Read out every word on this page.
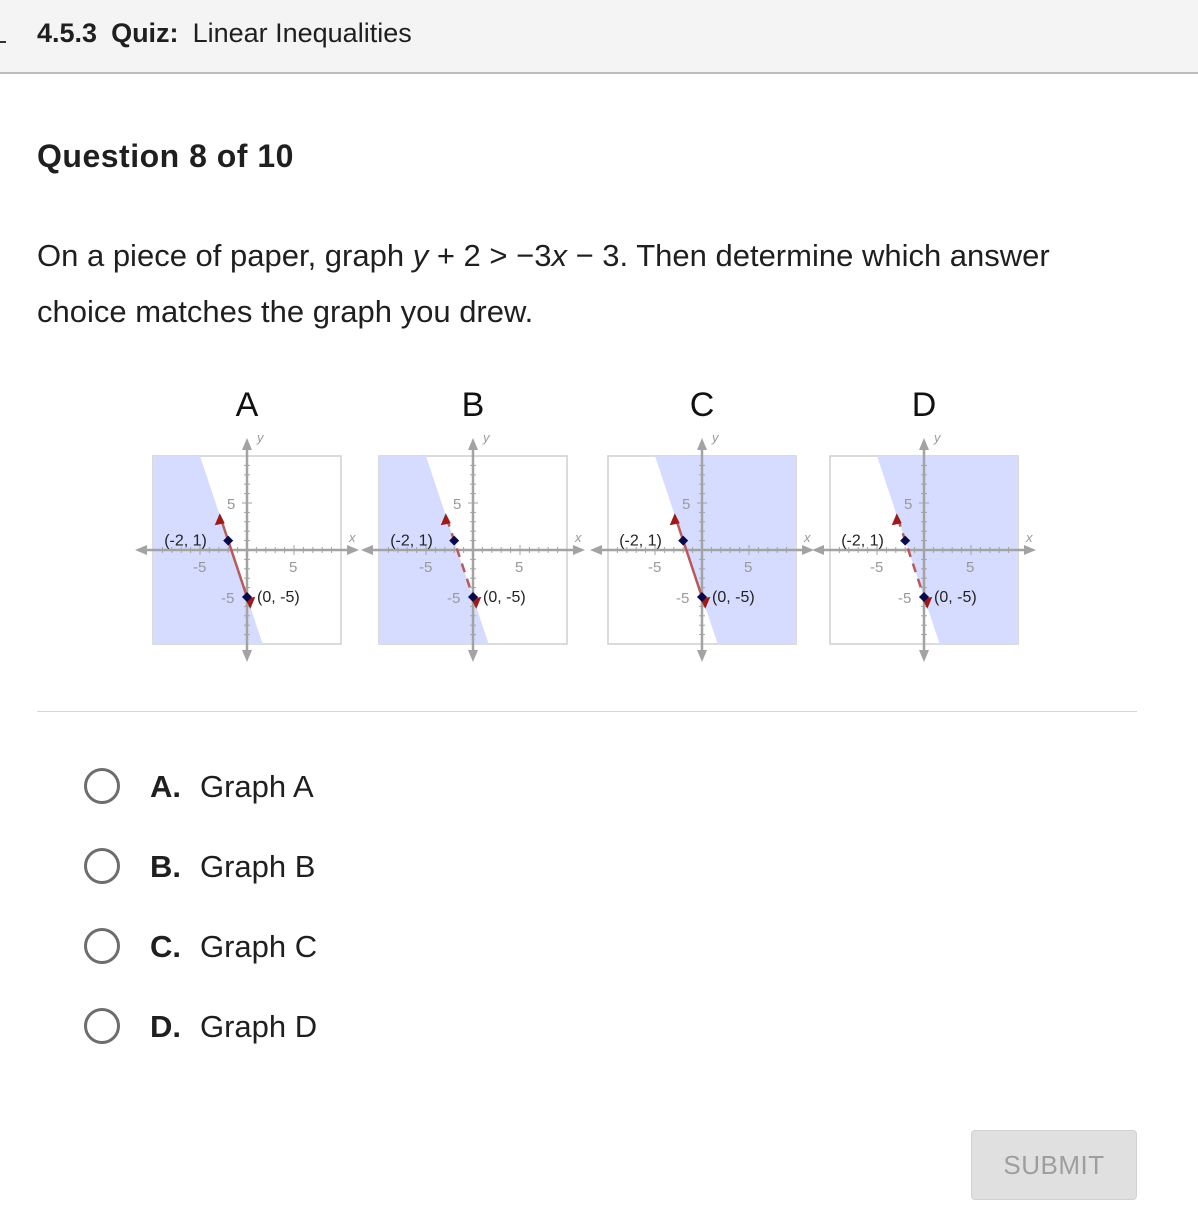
4.5.3 Quiz: Linear Inequalities
Question 8 of 10
On a piece of paper, graph y + 2 > −3x − 3. Then determine which answer choice matches the graph you drew.
A
x
y
5
-5
5
-5
(-2, 1)
(0, -5)
B
x
y
5
-5
5
-5
(-2, 1)
(0, -5)
C
x
y
5
-5
5
-5
(-2, 1)
(0, -5)
D
x
y
5
-5
5
-5
(-2, 1)
(0, -5)
A. Graph A
B. Graph B
C. Graph C
D. Graph D
SUBMIT
